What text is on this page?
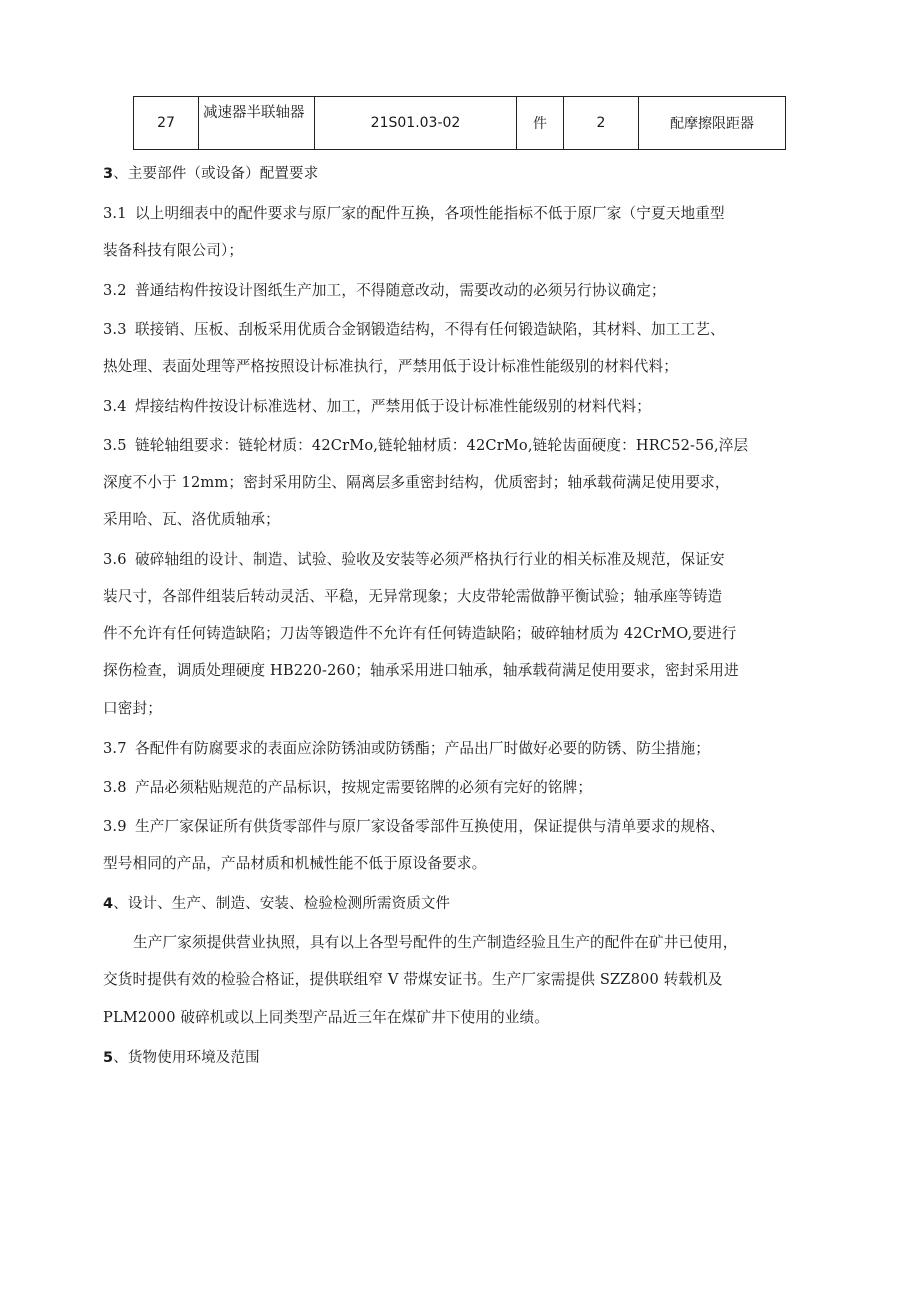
27	减速器半联轴器	21S01.03-02	件	2	配摩擦限距器
3、主要部件（或设备）配置要求
3.1 以上明细表中的配件要求与原厂家的配件互换，各项性能指标不低于原厂家（宁夏天地重型
装备科技有限公司）；
3.2 普通结构件按设计图纸生产加工，不得随意改动，需要改动的必须另行协议确定；
3.3 联接销、压板、刮板采用优质合金钢锻造结构，不得有任何锻造缺陷，其材料、加工工艺、
热处理、表面处理等严格按照设计标准执行，严禁用低于设计标准性能级别的材料代料；
3.4 焊接结构件按设计标准选材、加工，严禁用低于设计标准性能级别的材料代料；
3.5 链轮轴组要求：链轮材质：42CrMo,链轮轴材质：42CrMo,链轮齿面硬度：HRC52-56,淬层
深度不小于 12mm；密封采用防尘、隔离层多重密封结构，优质密封；轴承载荷满足使用要求，
采用哈、瓦、洛优质轴承；
3.6 破碎轴组的设计、制造、试验、验收及安装等必须严格执行行业的相关标准及规范，保证安
装尺寸，各部件组装后转动灵活、平稳，无异常现象；大皮带轮需做静平衡试验；轴承座等铸造
件不允许有任何铸造缺陷；刀齿等锻造件不允许有任何铸造缺陷；破碎轴材质为 42CrMO,要进行
探伤检查，调质处理硬度 HB220-260；轴承采用进口轴承，轴承载荷满足使用要求，密封采用进
口密封；
3.7 各配件有防腐要求的表面应涂防锈油或防锈酯；产品出厂时做好必要的防锈、防尘措施；
3.8 产品必须粘贴规范的产品标识，按规定需要铭牌的必须有完好的铭牌；
3.9 生产厂家保证所有供货零部件与原厂家设备零部件互换使用，保证提供与清单要求的规格、
型号相同的产品，产品材质和机械性能不低于原设备要求。
4、设计、生产、制造、安装、检验检测所需资质文件
生产厂家须提供营业执照，具有以上各型号配件的生产制造经验且生产的配件在矿井已使用，
交货时提供有效的检验合格证，提供联组窄 V 带煤安证书。生产厂家需提供 SZZ800 转载机及
PLM2000 破碎机或以上同类型产品近三年在煤矿井下使用的业绩。
5、货物使用环境及范围
